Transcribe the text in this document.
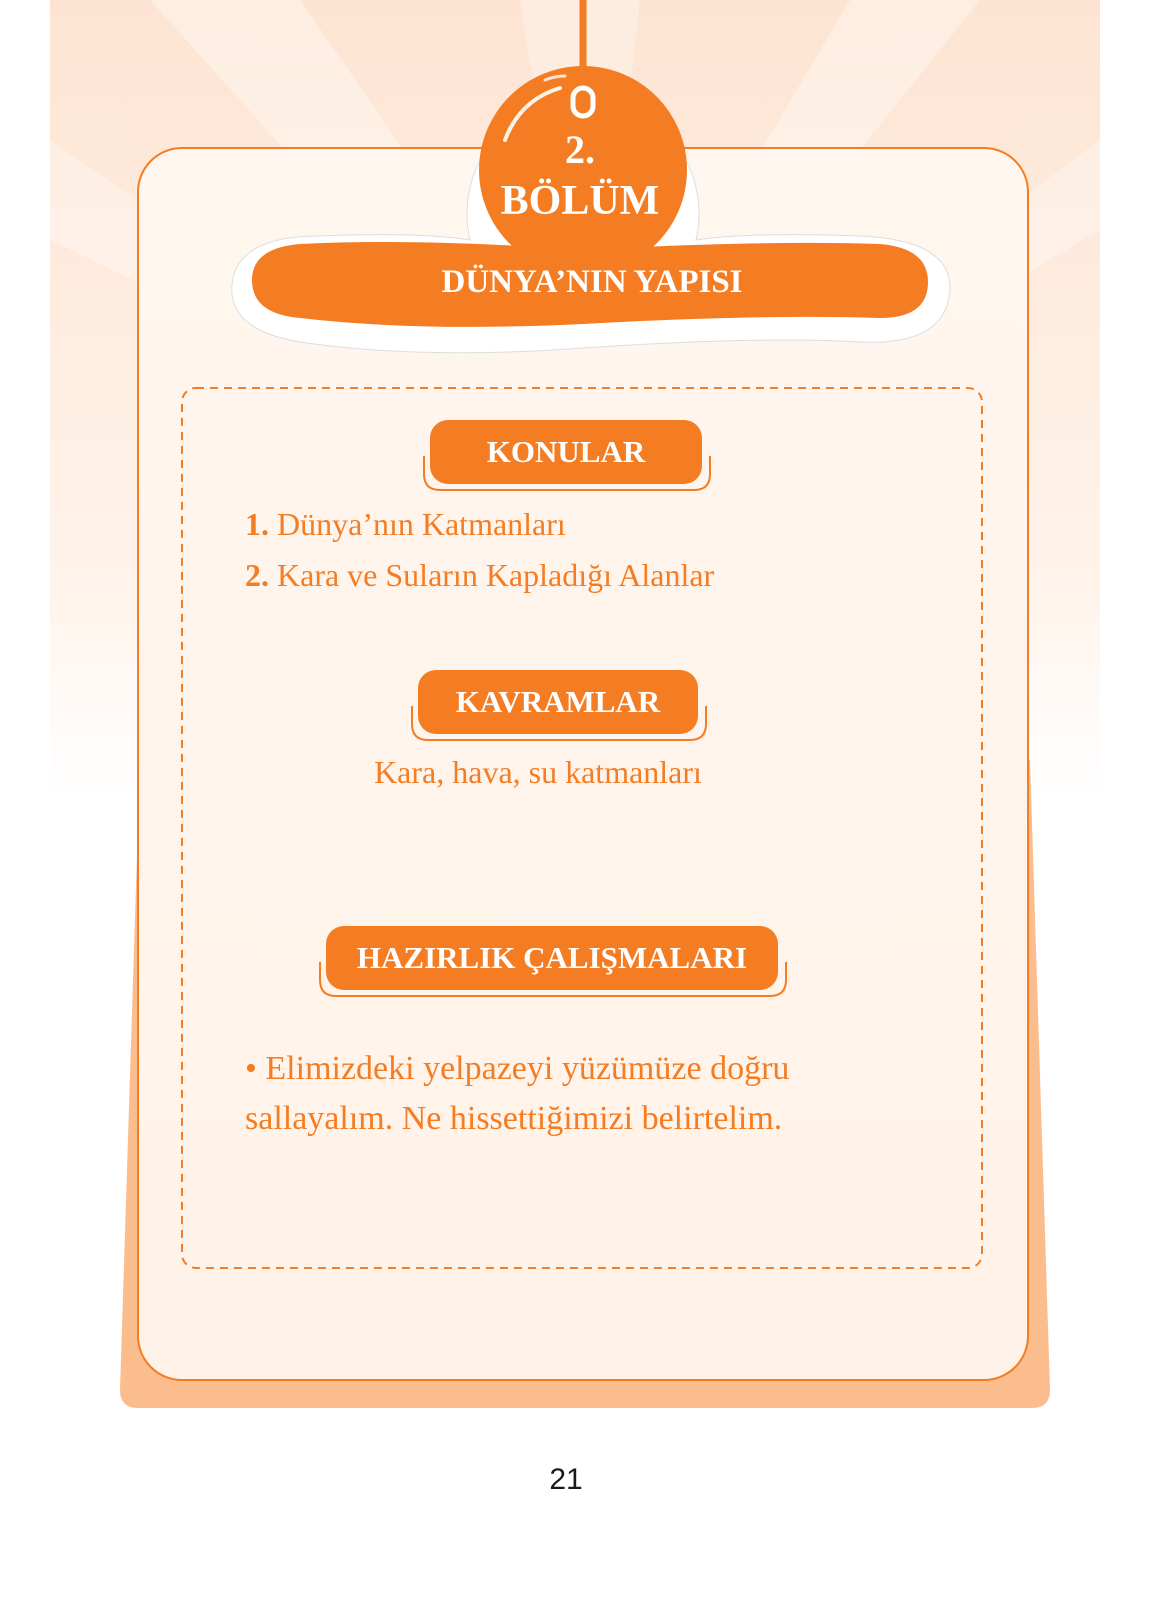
2.
BÖLÜM
DÜNYA’NIN YAPISI
KONULAR
1. Dünya’nın Katmanları
2. Kara ve Suların Kapladığı Alanlar
KAVRAMLAR
Kara, hava, su katmanları
HAZIRLIK ÇALIŞMALARI
• Elimizdeki yelpazeyi yüzümüze doğru sallayalım. Ne hissettiğimizi belirtelim.
21
